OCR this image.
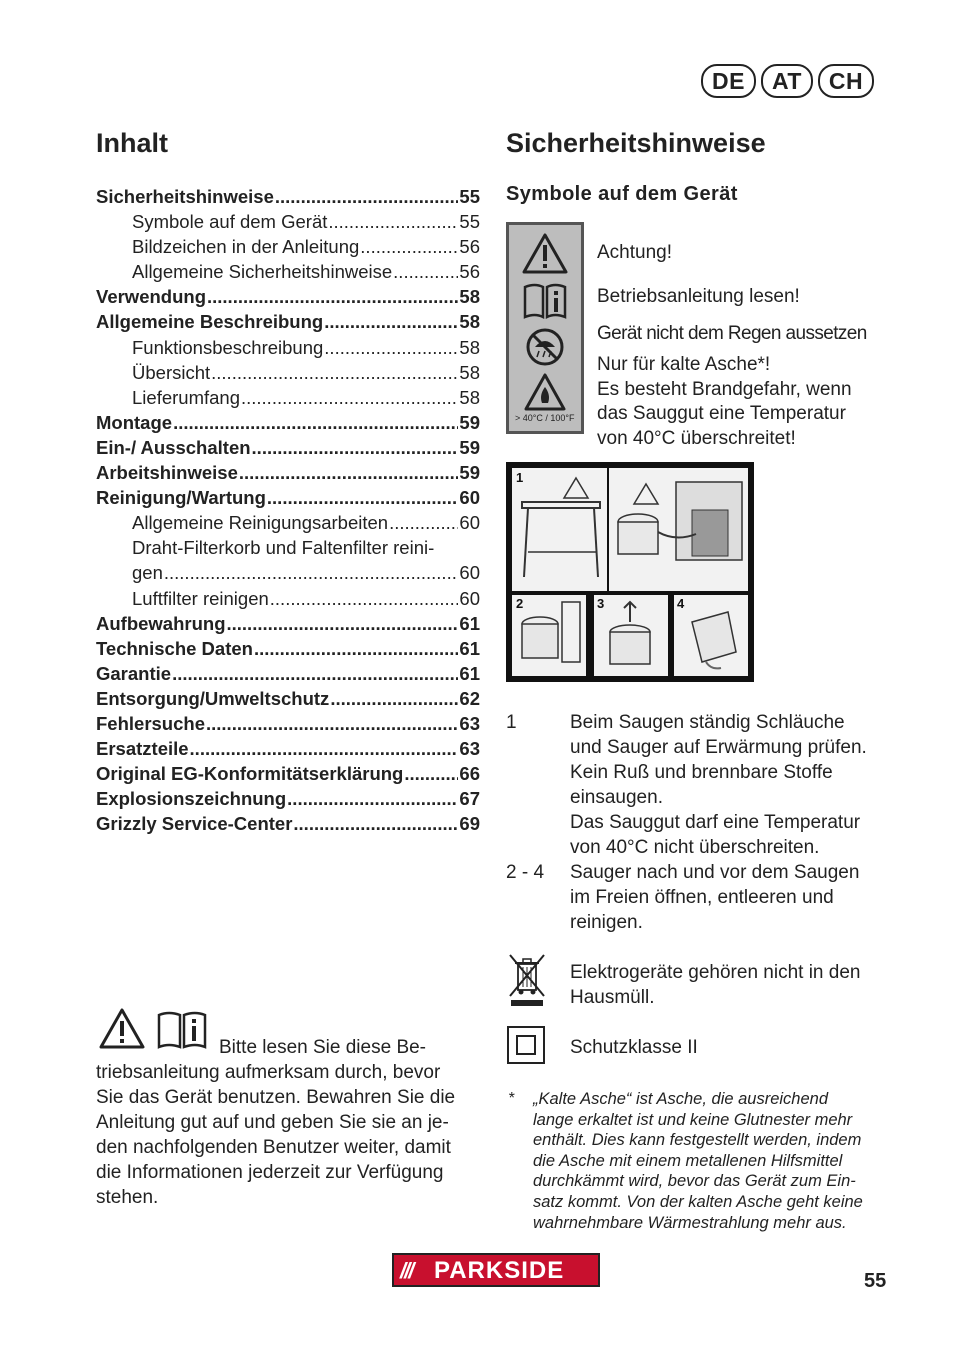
DE	AT	CH
Inhalt
Sicherheitshinweise .....	55
Symbole auf dem Gerät .....	55
Bildzeichen in der Anleitung .....	56
Allgemeine Sicherheitshinweise .....	56
Verwendung .....	58
Allgemeine Beschreibung .....	58
Funktionsbeschreibung .....	58
Übersicht .....	58
Lieferumfang .....	58
Montage .....	59
Ein-/ Ausschalten .....	59
Arbeitshinweise .....	59
Reinigung/Wartung .....	60
Allgemeine Reinigungsarbeiten .....	60
Draht-Filterkorb und Faltenfilter reini-
gen .....	60
Luftfilter reinigen .....	60
Aufbewahrung .....	61
Technische Daten .....	61
Garantie .....	61
Entsorgung/Umweltschutz .....	62
Fehlersuche .....	63
Ersatzteile .....	63
Original EG-Konformitätserklärung .....	66
Explosionszeichnung .....	67
Grizzly Service-Center .....	69
Sicherheitshinweise
Symbole auf dem Gerät
> 40°C / 100°F
Achtung!
Betriebsanleitung lesen!
Gerät nicht dem Regen aussetzen
Nur für kalte Asche*!
Es besteht Brandgefahr, wenn
das Sauggut eine Temperatur
von 40°C überschreitet!
1
2	3	4
1	Beim Saugen ständig Schläuche
und Sauger auf Erwärmung prüfen.
Kein Ruß und brennbare Stoffe
einsaugen.
Das Sauggut darf eine Temperatur
von 40°C nicht überschreiten.
2 - 4 Sauger nach und vor dem Saugen
im Freien öffnen, entleeren und
reinigen.
Elektrogeräte gehören nicht in den
Hausmüll.
Schutzklasse II
* „Kalte Asche“ ist Asche, die ausreichend
lange erkaltet ist und keine Glutnester mehr
enthält. Dies kann festgestellt werden, indem
die Asche mit einem metallenen Hilfsmittel
durchkämmt wird, bevor das Gerät zum Ein-
satz kommt. Von der kalten Asche geht keine
wahrnehmbare Wärmestrahlung mehr aus.
Bitte lesen Sie diese Be-
triebsanleitung aufmerksam durch, bevor
Sie das Gerät benutzen. Bewahren Sie die
Anleitung gut auf und geben Sie sie an je-
den nachfolgenden Benutzer weiter, damit
die Informationen jederzeit zur Verfügung
stehen.
/// PARKSIDE	55
